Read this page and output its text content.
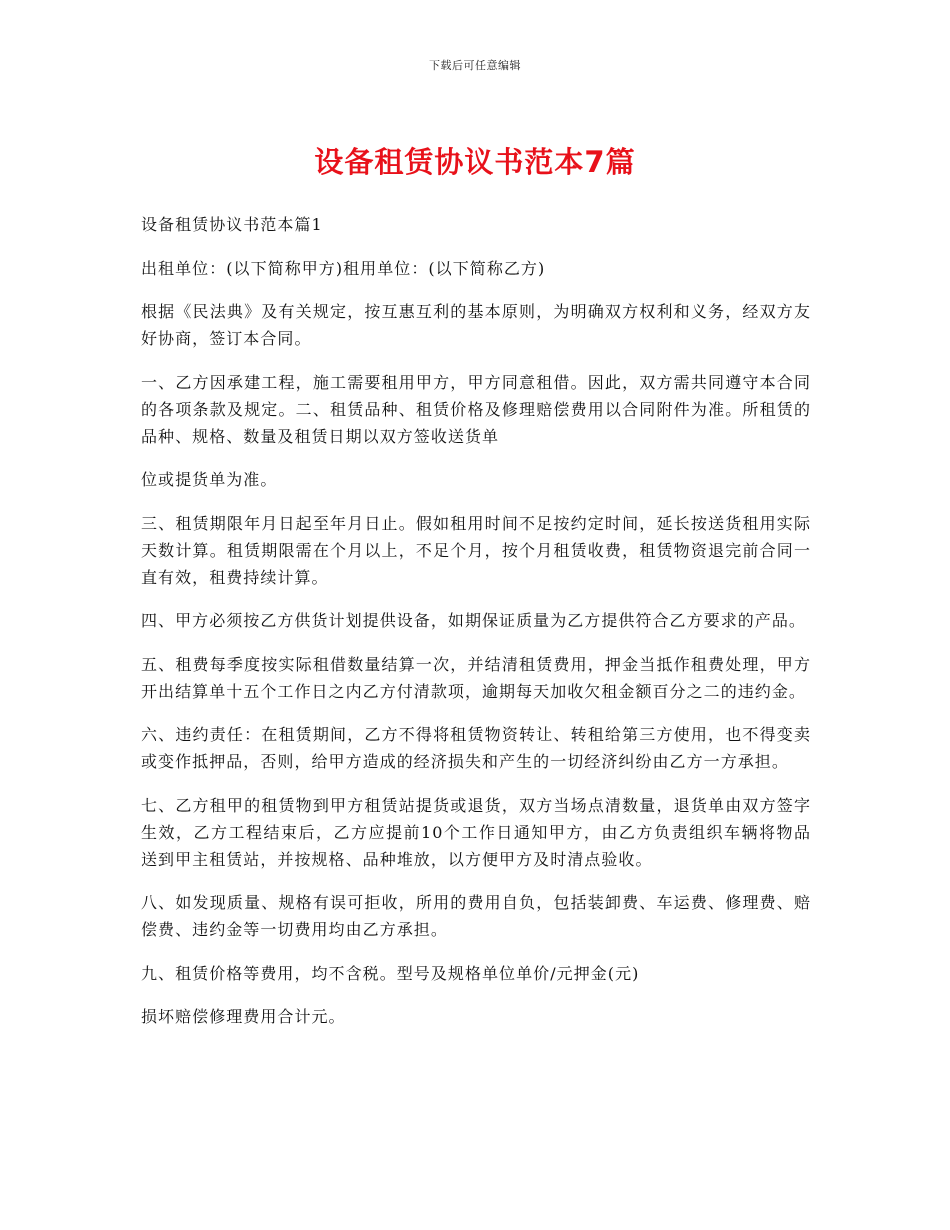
下载后可任意编辑
设备租赁协议书范本7篇

设备租赁协议书范本篇1

出租单位：(以下简称甲方)租用单位：(以下简称乙方)

根据《民法典》及有关规定，按互惠互利的基本原则，为明确双方权利和义务，经双方友好协商，签订本合同。

一、乙方因承建工程，施工需要租用甲方，甲方同意租借。因此，双方需共同遵守本合同的各项条款及规定。二、租赁品种、租赁价格及修理赔偿费用以合同附件为准。所租赁的品种、规格、数量及租赁日期以双方签收送货单

位或提货单为准。

三、租赁期限年月日起至年月日止。假如租用时间不足按约定时间，延长按送货租用实际天数计算。租赁期限需在个月以上，不足个月，按个月租赁收费，租赁物资退完前合同一直有效，租费持续计算。

四、甲方必须按乙方供货计划提供设备，如期保证质量为乙方提供符合乙方要求的产品。

五、租费每季度按实际租借数量结算一次，并结清租赁费用，押金当抵作租费处理，甲方开出结算单十五个工作日之内乙方付清款项，逾期每天加收欠租金额百分之二的违约金。

六、违约责任：在租赁期间，乙方不得将租赁物资转让、转租给第三方使用，也不得变卖或变作抵押品，否则，给甲方造成的经济损失和产生的一切经济纠纷由乙方一方承担。

七、乙方租甲的租赁物到甲方租赁站提货或退货，双方当场点清数量，退货单由双方签字生效，乙方工程结束后，乙方应提前10个工作日通知甲方，由乙方负责组织车辆将物品送到甲主租赁站，并按规格、品种堆放，以方便甲方及时清点验收。

八、如发现质量、规格有误可拒收，所用的费用自负，包括装卸费、车运费、修理费、赔偿费、违约金等一切费用均由乙方承担。

九、租赁价格等费用，均不含税。型号及规格单位单价/元押金(元)

损坏赔偿修理费用合计元。
